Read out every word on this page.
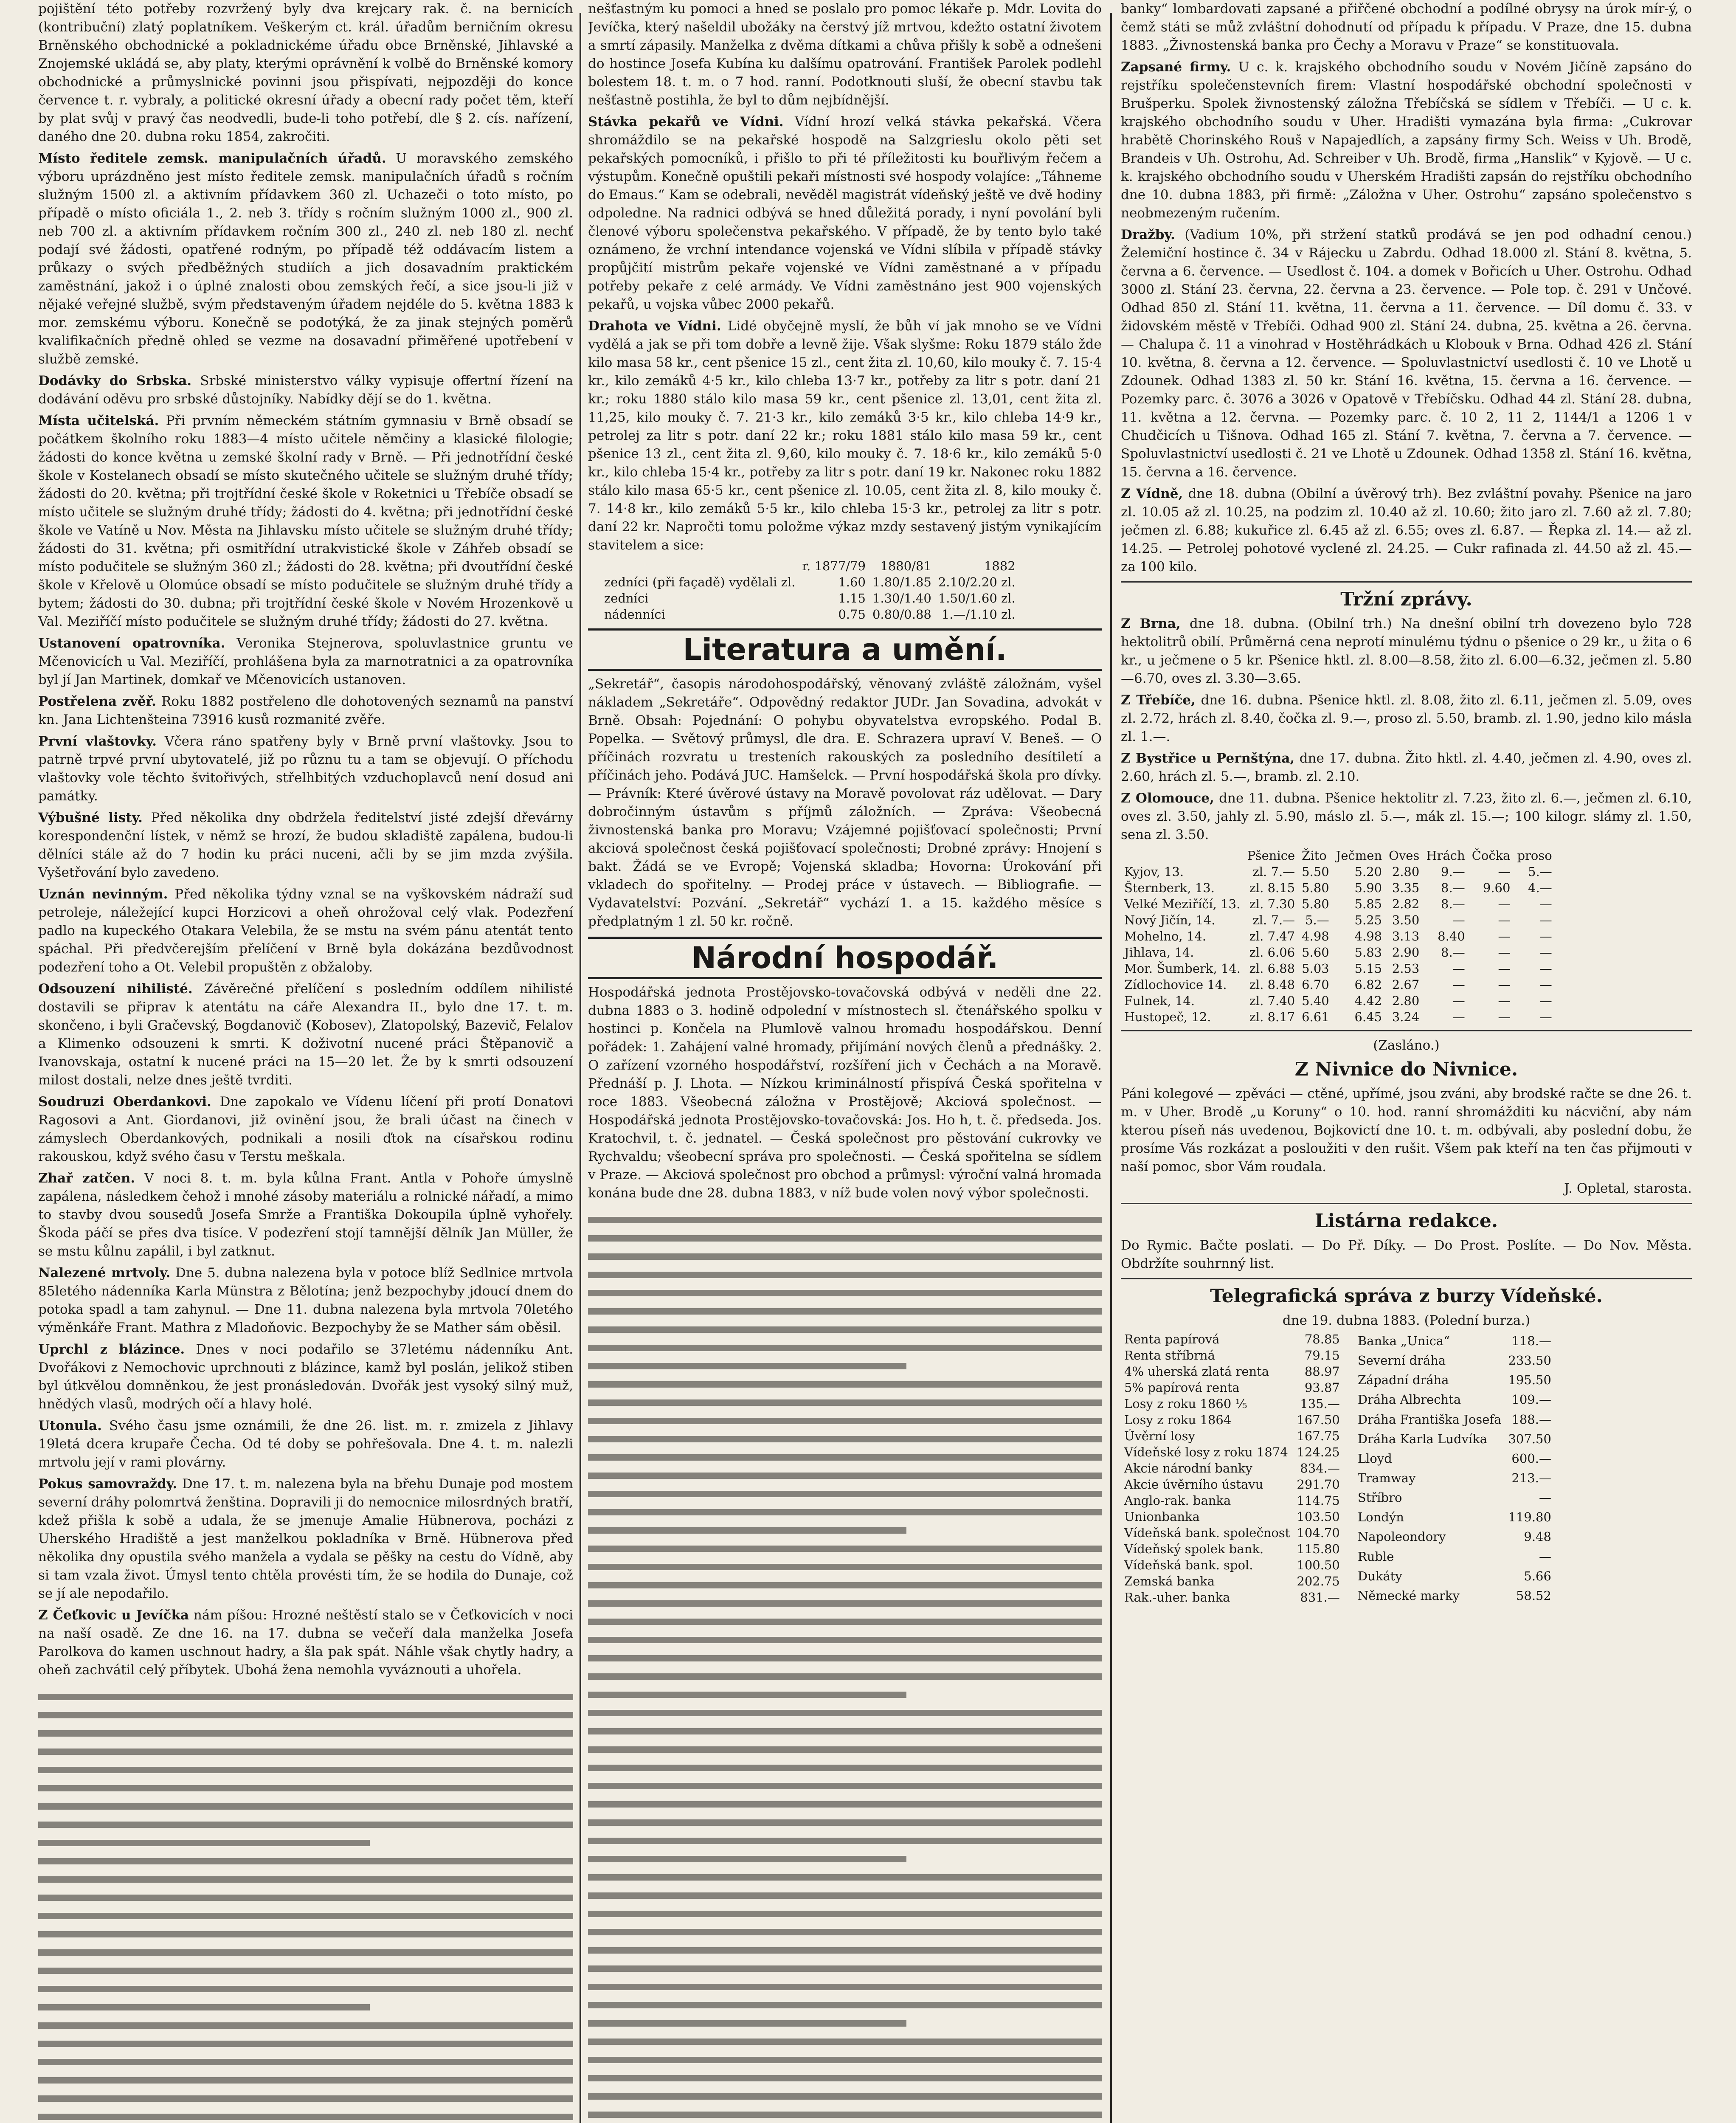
pojištění této potřeby rozvržený byly dva krejcary rak. č. na bernicích (kontribuční) zlatý poplatníkem. Veškerým ct. král. úřadům berničním okresu Brněnského obchodnické a pokladnickéme úřadu obce Brněnské, Jihlavské a Znojemské ukládá se, aby platy, kterými oprávnění k volbě do Brněnské komory obchodnické a průmyslnické povinni jsou přispívati, nejpozději do konce července t. r. vybraly, a politické okresní úřady a obecní rady počet těm, kteří by plat svůj v pravý čas neodvedli, bude-li toho potřebí, dle § 2. cís. nařízení, daného dne 20. dubna roku 1854, zakročiti.

Místo ředitele zemsk. manipulačních úřadů. U moravského zemského výboru uprázdněno jest místo ředitele zemsk. manipulačních úřadů s ročním služným 1500 zl. a aktivním přídavkem 360 zl. Uchazeči o toto místo, po případě o místo oficiála 1., 2. neb 3. třídy s ročním služným 1000 zl., 900 zl. neb 700 zl. a aktivním přídavkem ročním 300 zl., 240 zl. neb 180 zl. nechť podají své žádosti, opatřené rodným, po případě též oddávacím listem a průkazy o svých předběžných studiích a jich dosavadním praktickém zaměstnání, jakož i o úplné znalosti obou zemských řečí, a sice jsou-li již v nějaké veřejné službě, svým představeným úřadem nejdéle do 5. května 1883 k mor. zemskému výboru. Konečně se podotýká, že za jinak stejných poměrů kvalifikačních předně ohled se vezme na dosavadní přiměřené upotřebení v službě zemské.

Dodávky do Srbska. Srbské ministerstvo války vypisuje offertní řízení na dodávání oděvu pro srbské důstojníky. Nabídky dějí se do 1. května.

Místa učitelská. Při prvním německém státním gymnasiu v Brně obsadí se počátkem školního roku 1883—4 místo učitele němčiny a klasické filologie; žádosti do konce května u zemské školní rady v Brně. — Při jednotřídní české škole v Kostelanech obsadí se místo skutečného učitele se služným druhé třídy; žádosti do 20. května; při trojtřídní české škole v Roketnici u Třebíče obsadí se místo učitele se služným druhé třídy; žádosti do 4. května; při jednotřídní české škole ve Vatíně u Nov. Města na Jihlavsku místo učitele se služným druhé třídy; žádosti do 31. května; při osmitřídní utrakvistické škole v Záhřeb obsadí se místo podučitele se služným 360 zl.; žádosti do 28. května; při dvoutřídní české škole v Křelově u Olomúce obsadí se místo podučitele se služným druhé třídy a bytem; žádosti do 30. dubna; při trojtřídní české škole v Novém Hrozenkově u Val. Meziříčí místo podučitele se služným druhé třídy; žádosti do 27. května.

Ustanovení opatrovníka. Veronika Stejnerova, spoluvlastnice gruntu ve Mčenovicích u Val. Meziříčí, prohlášena byla za marnotratnici a za opatrovníka byl jí Jan Martinek, domkař ve Mčenovicích ustanoven.

Postřelena zvěř. Roku 1882 postřeleno dle dohotovených seznamů na panství kn. Jana Lichtenšteina 73916 kusů rozmanité zvěře.

První vlaštovky. Včera ráno spatřeny byly v Brně první vlaštovky. Jsou to patrně trpvé první ubytovatelé, již po různu tu a tam se objevují. O příchodu vlaštovky vole těchto švitořivých, střelhbitých vzduchoplavců není dosud ani památky.

Výbušné listy. Před několika dny obdržela ředitelství jisté zdejší dřevárny korespondenční lístek, v němž se hrozí, že budou skladiště zapálena, budou-li dělníci stále až do 7 hodin ku práci nuceni, ačli by se jim mzda zvýšila. Vyšetřování bylo zavedeno.

Uznán nevinným. Před několika týdny vznal se na vyškovském nádraží sud petroleje, náležející kupci Horzicovi a oheň ohrožoval celý vlak. Podezření padlo na kupeckého Otakara Velebila, že se mstu na svém pánu atentát tento spáchal. Při předvčerejším přelíčení v Brně byla dokázána bezdůvodnost podezření toho a Ot. Velebil propuštěn z obžaloby.

Odsouzení nihilisté. Závěrečné přelíčení s posledním oddílem nihilisté dostavili se připrav k atentátu na cáře Alexandra II., bylo dne 17. t. m. skončeno, i byli Gračevský, Bogdanovič (Kobosev), Zlatopolský, Bazevič, Felalov a Klimenko odsouzeni k smrti. K doživotní nucené práci Štěpanovič a Ivanovskaja, ostatní k nucené práci na 15—20 let. Že by k smrti odsouzení milost dostali, nelze dnes ještě tvrditi.

Soudruzi Oberdankovi. Dne zapokalo ve Vídenu líčení při protí Donatovi Ragosovi a Ant. Giordanovi, již ovinění jsou, že brali účast na činech v zámyslech Oberdankových, podnikali a nosili ďtok na císařskou rodinu rakouskou, když svého času v Terstu meškala.

Zhař zatčen. V noci 8. t. m. byla kůlna Frant. Antla v Pohoře úmyslně zapálena, následkem čehož i mnohé zásoby materiálu a rolnické nářadí, a mimo to stavby dvou sousedů Josefa Smrže a Františka Dokoupila úplně vyhořely. Škoda páčí se přes dva tisíce. V podezření stojí tamnější dělník Jan Müller, že se mstu kůlnu zapálil, i byl zatknut.

Nalezené mrtvoly. Dne 5. dubna nalezena byla v potoce blíž Sedlnice mrtvola 85letého nádenníka Karla Münstra z Bělotína; jenž bezpochyby jdoucí dnem do potoka spadl a tam zahynul. — Dne 11. dubna nalezena byla mrtvola 70letého výměnkáře Frant. Mathra z Mladoňovic. Bezpochyby že se Mather sám oběsil.

Uprchl z blázince. Dnes v noci podařilo se 37letému nádenníku Ant. Dvořákovi z Nemochovic uprchnouti z blázince, kamž byl poslán, jelikož stiben byl útkvělou domněnkou, že jest pronásledován. Dvořák jest vysoký silný muž, hnědých vlasů, modrých očí a hlavy holé.

Utonula. Svého času jsme oznámili, že dne 26. list. m. r. zmizela z Jihlavy 19letá dcera krupaře Čecha. Od té doby se pohřešovala. Dne 4. t. m. nalezli mrtvolu její v rami plovárny.

Pokus samovraždy. Dne 17. t. m. nalezena byla na břehu Dunaje pod mostem severní dráhy polomrtvá ženština. Dopravili ji do nemocnice milosrdných bratří, kdež přišla k sobě a udala, že se jmenuje Amalie Hübnerova, pocházi z Uherského Hradiště a jest manželkou pokladníka v Brně. Hübnerova před několika dny opustila svého manžela a vydala se pěšky na cestu do Vídně, aby si tam vzala život. Úmysl tento chtěla provésti tím, že se hodila do Dunaje, což se jí ale nepodařilo.

Z Čeťkovic u Jevíčka nám píšou: Hrozné neštěstí stalo se v Čeťkovicích v noci na naší osadě. Ze dne 16. na 17. dubna se večeří dala manželka Josefa Parolkova do kamen uschnout hadry, a šla pak spát. Náhle však chytly hadry, a oheň zachvátil celý příbytek. Ubohá žena nemohla vyváznouti a uhořela.

nešťastným ku pomoci a hned se poslalo pro pomoc lékaře p. Mdr. Lovita do Jevíčka, který našeldil ubožáky na čerstvý jíž mrtvou, kdežto ostatní životem a smrtí zápasily. Manželka z dvěma dítkami a chůva přišly k sobě a odnešeni do hostince Josefa Kubína ku dalšímu opatrování. František Parolek podlehl bolestem 18. t. m. o 7 hod. ranní. Podotknouti sluší, že obecní stavbu tak nešťastně postihla, že byl to dům nejbídnější.

Stávka pekařů ve Vídni. Vídní hrozí velká stávka pekařská. Včera shromáždilo se na pekařské hospodě na Salzgrieslu okolo pěti set pekařských pomocníků, i přišlo to při té příležitosti ku bouřlivým řečem a výstupům. Konečně opuštili pekaři místnosti své hospody volajíce: „Táhneme do Emaus.“ Kam se odebrali, nevěděl magistrát vídeňský ještě ve dvě hodiny odpoledne. Na radnici odbývá se hned důležitá porady, i nyní povolání byli členové výboru společenstva pekařského. V případě, že by tento bylo také oznámeno, že vrchní intendance vojenská ve Vídni slíbila v případě stávky propůjčití mistrům pekaře vojenské ve Vídni zaměstnané a v případu potřeby pekaře z celé armády. Ve Vídni zaměstnáno jest 900 vojenských pekařů, u vojska vůbec 2000 pekařů.

Drahota ve Vídni. Lidé obyčejně myslí, že bůh ví jak mnoho se ve Vídni vydělá a jak se při tom dobře a levně žije. Však slyšme: Roku 1879 stálo žde kilo masa 58 kr., cent pšenice 15 zl., cent žita zl. 10,60, kilo mouky č. 7. 15·4 kr., kilo zemáků 4·5 kr., kilo chleba 13·7 kr., potřeby za litr s potr. daní 21 kr.; roku 1880 stálo kilo masa 59 kr., cent pšenice zl. 13,01, cent žita zl. 11,25, kilo mouky č. 7. 21·3 kr., kilo zemáků 3·5 kr., kilo chleba 14·9 kr., petrolej za litr s potr. daní 22 kr.; roku 1881 stálo kilo masa 59 kr., cent pšenice 13 zl., cent žita zl. 9,60, kilo mouky č. 7. 18·6 kr., kilo zemáků 5·0 kr., kilo chleba 15·4 kr., potřeby za litr s potr. daní 19 kr. Nakonec roku 1882 stálo kilo masa 65·5 kr., cent pšenice zl. 10.05, cent žita zl. 8, kilo mouky č. 7. 14·8 kr., kilo zemáků 5·5 kr., kilo chleba 15·3 kr., petrolej za litr s potr. daní 22 kr. Napročti tomu položme výkaz mzdy sestavený jistým vynikajícím stavitelem a sice:

	r. 1877/79	1880/81	1882
zedníci (při façadě) vydělali zl.	1.60	1.80/1.85	2.10/2.20 zl.
zedníci	1.15	1.30/1.40	1.50/1.60 zl.
nádenníci	0.75	0.80/0.88	1.—/1.10 zl.
Literatura a umění.

„Sekretář“, časopis národohospodářský, věnovaný zvláště záložnám, vyšel nákladem „Sekretáře“. Odpovědný redaktor JUDr. Jan Sovadina, advokát v Brně. Obsah: Pojednání: O pohybu obyvatelstva evropského. Podal B. Popelka. — Světový průmysl, dle dra. E. Schrazera upraví V. Beneš. — O příčinách rozvratu u tresteních rakouských za posledního desítiletí a příčinách jeho. Podává JUC. Hamšelck. — První hospodářská škola pro dívky. — Právník: Které úvěrové ústavy na Moravě povolovat ráz udělovat. — Dary dobročinným ústavům s příjmů záložních. — Zpráva: Všeobecná živnostenská banka pro Moravu; Vzájemné pojišťovací společnosti; První akciová společnost česká pojišťovací společnosti; Drobné zprávy: Hnojení s bakt. Žádá se ve Evropě; Vojenská skladba; Hovorna: Úrokování při vkladech do spořitelny. — Prodej práce v ústavech. — Bibliografie. — Vydavatelství: Pozvání. „Sekretář“ vychází 1. a 15. každého měsíce s předplatným 1 zl. 50 kr. ročně.

Národní hospodář.

Hospodářská jednota Prostějovsko-tovačovská odbývá v neděli dne 22. dubna 1883 o 3. hodině odpolední v místnostech sl. čtenářského spolku v hostinci p. Končela na Plumlově valnou hromadu hospodářskou. Denní pořádek: 1. Zahájení valné hromady, přijímání nových členů a přednášky. 2. O zařízení vzorného hospodářství, rozšíření jich v Čechách a na Moravě. Přednáší p. J. Lhota. — Nízkou kriminálností přispívá Česká spořitelna v roce 1883. Všeobecná záložna v Prostějově; Akciová společnost. — Hospodářská jednota Prostějovsko-tovačovská: Jos. Ho h, t. č. předseda. Jos. Kratochvil, t. č. jednatel. — Česká společnost pro pěstování cukrovky ve Rychvaldu; všeobecní správa pro společnosti. — Česká spořitelna se sídlem v Praze. — Akciová společnost pro obchod a průmysl: výroční valná hromada konána bude dne 28. dubna 1883, v níž bude volen nový výbor společnosti.

banky“ lombardovati zapsané a přiřčené obchodní a podílné obrysy na úrok mír-ý, o čemž státi se můž zvláštní dohodnutí od případu k případu. V Praze, dne 15. dubna 1883. „Živnostenská banka pro Čechy a Moravu v Praze“ se konstituovala.

Zapsané firmy. U c. k. krajského obchodního soudu v Novém Jičíně zapsáno do rejstříku společenstevních firem: Vlastní hospodářské obchodní společnosti v Brušperku. Spolek živnostenský záložna Třebíčská se sídlem v Třebíči. — U c. k. krajského obchodního soudu v Uher. Hradišti vymazána byla firma: „Cukrovar hrabětě Chorinského Rouš v Napajedlích, a zapsány firmy Sch. Weiss v Uh. Brodě, Brandeis v Uh. Ostrohu, Ad. Schreiber v Uh. Brodě, firma „Hanslik“ v Kyjově. — U c. k. krajského obchodního soudu v Uherském Hradišti zapsán do rejstříku obchodního dne 10. dubna 1883, při firmě: „Záložna v Uher. Ostrohu“ zapsáno společenstvo s neobmezeným ručením.

Dražby. (Vadium 10%, při stržení statků prodává se jen pod odhadní cenou.) Želemiční hostince č. 34 v Rájecku u Zabrdu. Odhad 18.000 zl. Stání 8. května, 5. června a 6. července. — Usedlost č. 104. a domek v Bořicích u Uher. Ostrohu. Odhad 3000 zl. Stání 23. června, 22. června a 23. července. — Pole top. č. 291 v Unčové. Odhad 850 zl. Stání 11. května, 11. června a 11. července. — Díl domu č. 33. v židovském městě v Třebíči. Odhad 900 zl. Stání 24. dubna, 25. května a 26. června. — Chalupa č. 11 a vinohrad v Hostěhrádkách u Klobouk v Brna. Odhad 426 zl. Stání 10. května, 8. června a 12. července. — Spoluvlastnictví usedlosti č. 10 ve Lhotě u Zdounek. Odhad 1383 zl. 50 kr. Stání 16. května, 15. června a 16. července. — Pozemky parc. č. 3076 a 3026 v Opatově v Třebíčsku. Odhad 44 zl. Stání 28. dubna, 11. května a 12. června. — Pozemky parc. č. 10 2, 11 2, 1144/1 a 1206 1 v Chudčicích u Tišnova. Odhad 165 zl. Stání 7. května, 7. června a 7. července. — Spoluvlastnictví usedlosti č. 21 ve Lhotě u Zdounek. Odhad 1358 zl. Stání 16. května, 15. června a 16. července.

Z Vídně, dne 18. dubna (Obilní a úvěrový trh). Bez zvláštní povahy. Pšenice na jaro zl. 10.05 až zl. 10.25, na podzim zl. 10.40 až zl. 10.60; žito jaro zl. 7.60 až zl. 7.80; ječmen zl. 6.88; kukuřice zl. 6.45 až zl. 6.55; oves zl. 6.87. — Řepka zl. 14.— až zl. 14.25. — Petrolej pohotové vyclené zl. 24.25. — Cukr rafinada zl. 44.50 až zl. 45.— za 100 kilo.

Tržní zprávy.

Z Brna, dne 18. dubna. (Obilní trh.) Na dnešní obilní trh dovezeno bylo 728 hektolitrů obilí. Průměrná cena neprotí minulému týdnu o pšenice o 29 kr., u žita o 6 kr., u ječmene o 5 kr. Pšenice hktl. zl. 8.00—8.58, žito zl. 6.00—6.32, ječmen zl. 5.80—6.70, oves zl. 3.30—3.65.

Z Třebíče, dne 16. dubna. Pšenice hktl. zl. 8.08, žito zl. 6.11, ječmen zl. 5.09, oves zl. 2.72, hrách zl. 8.40, čočka zl. 9.—, proso zl. 5.50, bramb. zl. 1.90, jedno kilo másla zl. 1.—.

Z Bystřice u Pernštýna, dne 17. dubna. Žito hktl. zl. 4.40, ječmen zl. 4.90, oves zl. 2.60, hrách zl. 5.—, bramb. zl. 2.10.

Z Olomouce, dne 11. dubna. Pšenice hektolitr zl. 7.23, žito zl. 6.—, ječmen zl. 6.10, oves zl. 3.50, jahly zl. 5.90, máslo zl. 5.—, mák zl. 15.—; 100 kilogr. slámy zl. 1.50, sena zl. 3.50.

	Pšenice	Žito	Ječmen	Oves	Hrách	Čočka	proso
Kyjov, 13.	zl. 7.—	5.50	5.20	2.80	9.—	—	5.—
Šternberk, 13.	zl. 8.15	5.80	5.90	3.35	8.—	9.60	4.—
Velké Meziříčí, 13.	zl. 7.30	5.80	5.85	2.82	8.—	—	—
Nový Jičín, 14.	zl. 7.—	5.—	5.25	3.50	—	—	—
Mohelno, 14.	zl. 7.47	4.98	4.98	3.13	8.40	—	—
Jihlava, 14.	zl. 6.06	5.60	5.83	2.90	8.—	—	—
Mor. Šumberk, 14.	zl. 6.88	5.03	5.15	2.53	—	—	—
Zídlochovice 14.	zl. 8.48	6.70	6.82	2.67	—	—	—
Fulnek, 14.	zl. 7.40	5.40	4.42	2.80	—	—	—
Hustopeč, 12.	zl. 8.17	6.61	6.45	3.24	—	—	—
(Zasláno.)
Z Nivnice do Nivnice.

Páni kolegové — zpěváci — ctěné, upřímé, jsou zváni, aby brodské račte se dne 26. t. m. v Uher. Brodě „u Koruny“ o 10. hod. ranní shromážditi ku nácviční, aby nám kterou píseň nás uvedenou, Bojkovictí dne 10. t. m. odbývali, aby poslední dobu, že prosíme Vás rozkázat a posloužiti v den rušit. Všem pak kteří na ten čas přijmouti v naší pomoc, sbor Vám roudala.

J. Opletal, starosta.

Listárna redakce.

Do Rymic. Bačte poslati. — Do Př. Díky. — Do Prost. Poslíte. — Do Nov. Města. Obdržíte souhrnný list.

Telegrafická správa z burzy Vídeňské.
dne 19. dubna 1883. (Polední burza.)
Renta papírová	78.85
Renta stříbrná	79.15
4% uherská zlatá renta	88.97
5% papírová renta	93.87
Losy z roku 1860 ⅕	135.—
Losy z roku 1864	167.50
Úvěrní losy	167.75
Vídeňské losy z roku 1874	124.25
Akcie národní banky	834.—
Akcie úvěrního ústavu	291.70
Anglo-rak. banka	114.75
Unionbanka	103.50
Vídeňská bank. společnost	104.70
Vídeňský spolek bank.	115.80
Vídeňská bank. spol.	100.50
Zemská banka	202.75
Rak.-uher. banka	831.—
Banka „Unica“	118.—
Severní dráha	233.50
Západní dráha	195.50
Dráha Albrechta	109.—
Dráha Františka Josefa	188.—
Dráha Karla Ludvíka	307.50
Lloyd	600.—
Tramway	213.—
Stříbro	—
Londýn	119.80
Napoleondory	9.48
Ruble	—
Dukáty	5.66
Německé marky	58.52
